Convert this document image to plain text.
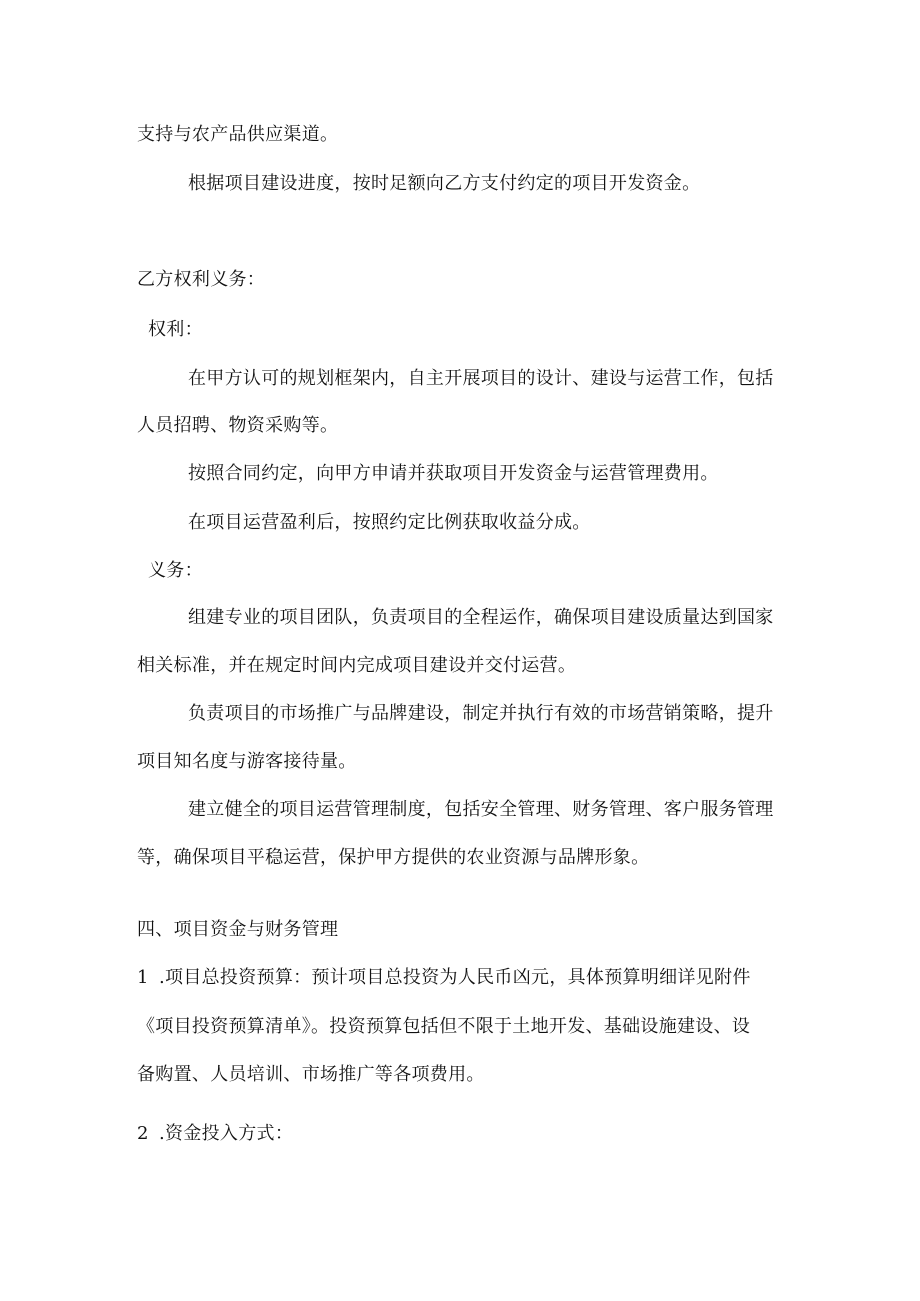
支持与农产品供应渠道。
根据项目建设进度，按时足额向乙方支付约定的项目开发资金。
乙方权利义务：
权利：
在甲方认可的规划框架内，自主开展项目的设计、建设与运营工作，包括
人员招聘、物资采购等。
按照合同约定，向甲方申请并获取项目开发资金与运营管理费用。
在项目运营盈利后，按照约定比例获取收益分成。
义务：
组建专业的项目团队，负责项目的全程运作，确保项目建设质量达到国家
相关标准，并在规定时间内完成项目建设并交付运营。
负责项目的市场推广与品牌建设，制定并执行有效的市场营销策略，提升
项目知名度与游客接待量。
建立健全的项目运营管理制度，包括安全管理、财务管理、客户服务管理
等，确保项目平稳运营，保护甲方提供的农业资源与品牌形象。
四、项目资金与财务管理
1 .项目总投资预算：预计项目总投资为人民币凶元，具体预算明细详见附件
《项目投资预算清单》。投资预算包括但不限于土地开发、基础设施建设、设
备购置、人员培训、市场推广等各项费用。
2 .资金投入方式：
